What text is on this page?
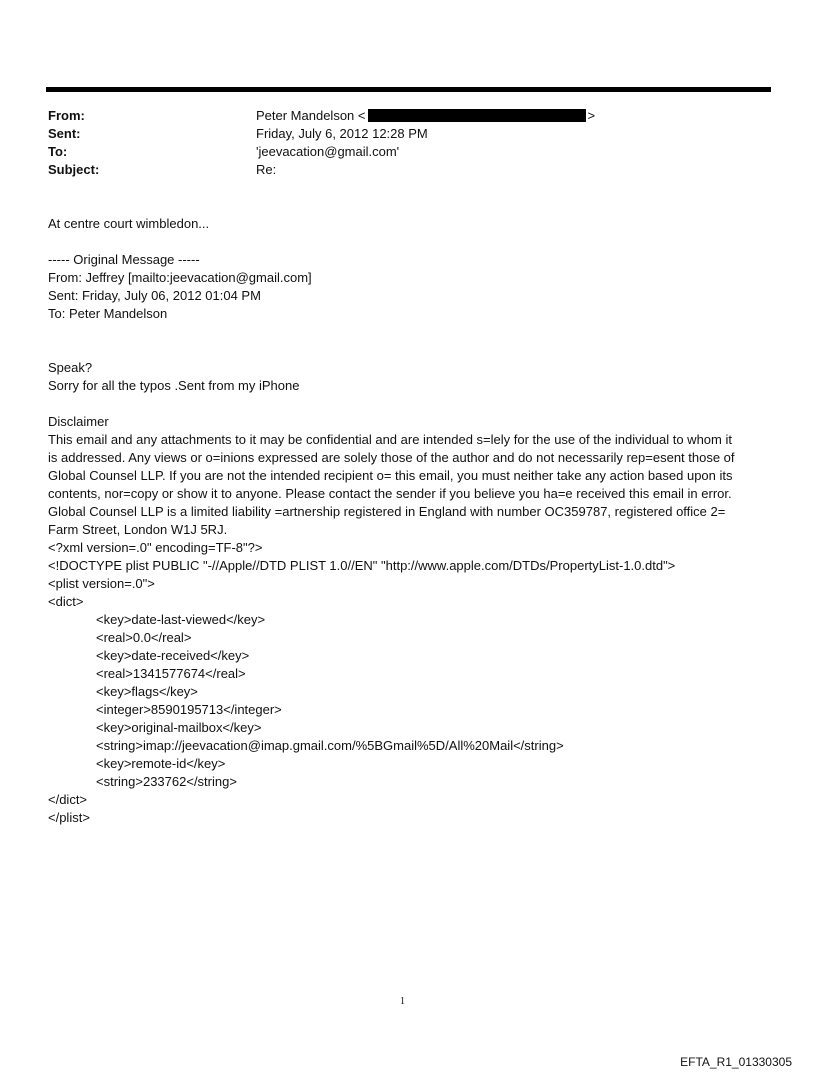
From:	Peter Mandelson <	>
Sent:	Friday, July 6, 2012 12:28 PM
To:	'jeevacation@gmail.com'
Subject:	Re:
At centre court wimbledon...
----- Original Message -----
From: Jeffrey [mailto:jeevacation@gmail.com]
Sent: Friday, July 06, 2012 01:04 PM
To: Peter Mandelson
Speak?
Sorry for all the typos .Sent from my iPhone
Disclaimer
This email and any attachments to it may be confidential and are intended s=lely for the use of the individual to whom it
is addressed. Any views or o=inions expressed are solely those of the author and do not necessarily rep=esent those of
Global Counsel LLP. If you are not the intended recipient o= this email, you must neither take any action based upon its
contents, nor=copy or show it to anyone. Please contact the sender if you believe you ha=e received this email in error.
Global Counsel LLP is a limited liability =artnership registered in England with number OC359787, registered office 2=
Farm Street, London W1J 5RJ.
<?xml version=.0" encoding=TF-8"?>
<!DOCTYPE plist PUBLIC "-//Apple//DTD PLIST 1.0//EN" "http://www.apple.com/DTDs/PropertyList-1.0.dtd">
<plist version=.0">
<dict>
<key>date-last-viewed</key>
<real>0.0</real>
<key>date-received</key>
<real>1341577674</real>
<key>flags</key>
<integer>8590195713</integer>
<key>original-mailbox</key>
<string>imap://jeevacation@imap.gmail.com/%5BGmail%5D/All%20Mail</string>
<key>remote-id</key>
<string>233762</string>
</dict>
</plist>
1
EFTA_R1_01330305
